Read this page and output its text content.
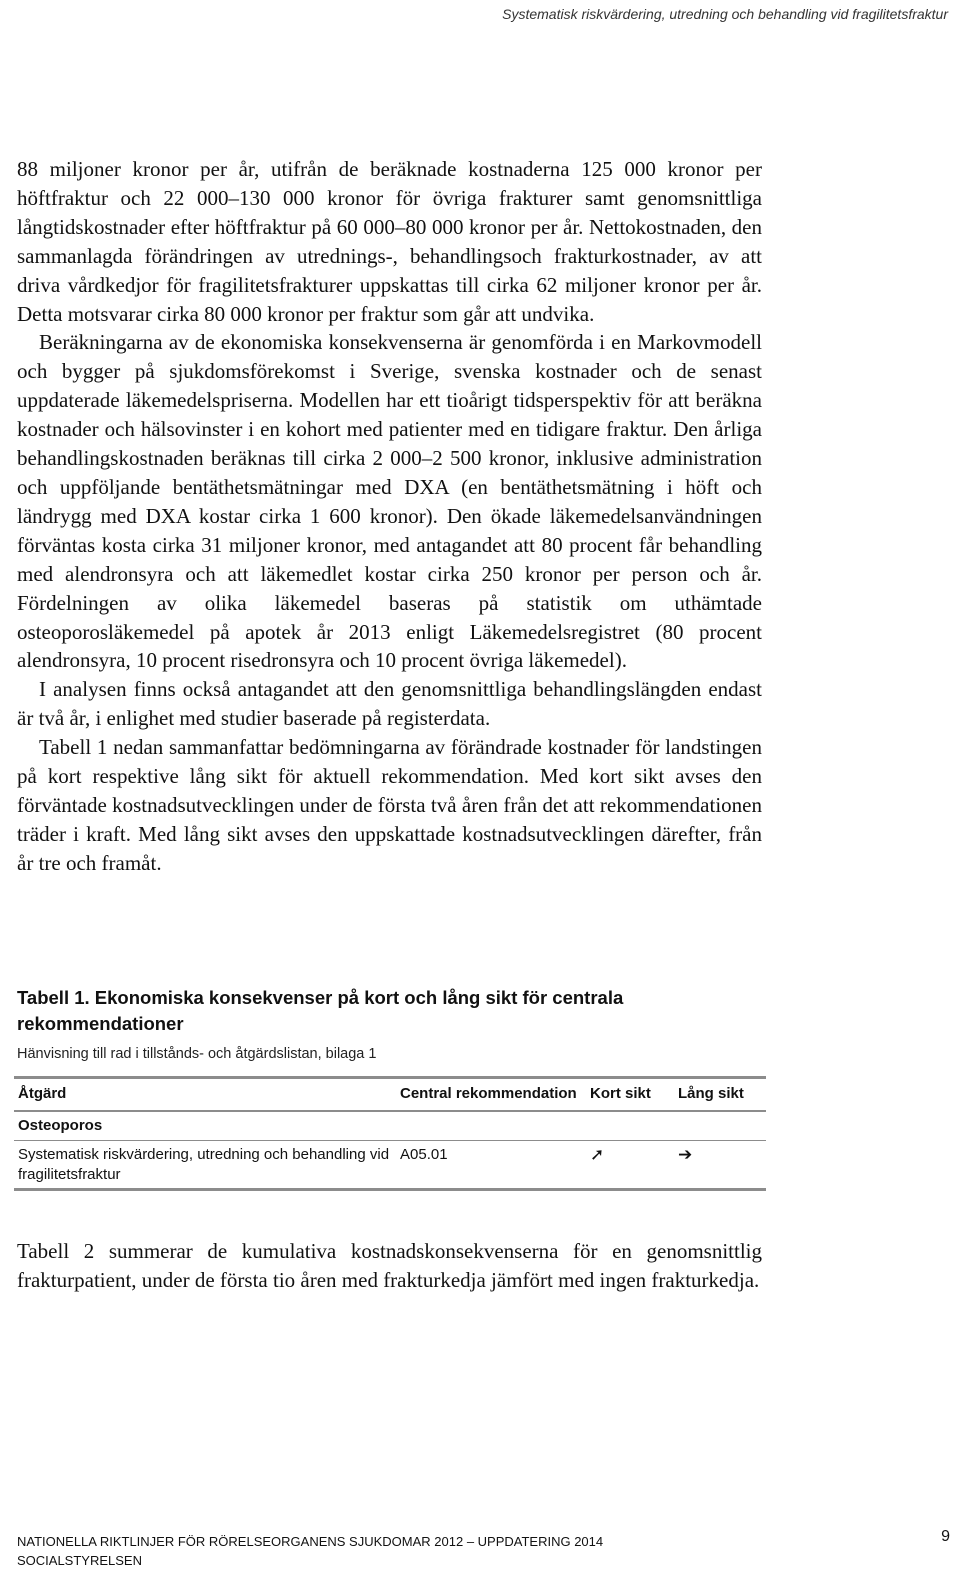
Systematisk riskvärdering, utredning och behandling vid fragilitetsfraktur

88 miljoner kronor per år, utifrån de beräknade kostnaderna 125 000 kronor per höftfraktur och 22 000–130 000 kronor för övriga frakturer samt genomsnittliga långtidskostnader efter höftfraktur på 60 000–80 000 kronor per år. Nettokostnaden, den sammanlagda förändringen av utrednings-, behandlingsoch frakturkostnader, av att driva vårdkedjor för fragilitetsfrakturer uppskattas till cirka 62 miljoner kronor per år. Detta motsvarar cirka 80 000 kronor per fraktur som går att undvika.

Beräkningarna av de ekonomiska konsekvenserna är genomförda i en Markovmodell och bygger på sjukdomsförekomst i Sverige, svenska kostnader och de senast uppdaterade läkemedelspriserna. Modellen har ett tioårigt tidsperspektiv för att beräkna kostnader och hälsovinster i en kohort med patienter med en tidigare fraktur. Den årliga behandlingskostnaden beräknas till cirka 2 000–2 500 kronor, inklusive administration och uppföljande bentäthetsmätningar med DXA (en bentäthetsmätning i höft och ländrygg med DXA kostar cirka 1 600 kronor). Den ökade läkemedelsanvändningen förväntas kosta cirka 31 miljoner kronor, med antagandet att 80 procent får behandling med alendronsyra och att läkemedlet kostar cirka 250 kronor per person och år. Fördelningen av olika läkemedel baseras på statistik om uthämtade osteoporosläkemedel på apotek år 2013 enligt Läkemedelsregistret (80 procent alendronsyra, 10 procent risedronsyra och 10 procent övriga läkemedel).

I analysen finns också antagandet att den genomsnittliga behandlingslängden endast är två år, i enlighet med studier baserade på registerdata.

Tabell 1 nedan sammanfattar bedömningarna av förändrade kostnader för landstingen på kort respektive lång sikt för aktuell rekommendation. Med kort sikt avses den förväntade kostnadsutvecklingen under de första två åren från det att rekommendationen träder i kraft. Med lång sikt avses den uppskattade kostnadsutvecklingen därefter, från år tre och framåt.

Tabell 1. Ekonomiska konsekvenser på kort och lång sikt för centrala rekommendationer

Hänvisning till rad i tillstånds- och åtgärdslistan, bilaga 1

Åtgärd	Central rekommendation	Kort sikt	Lång sikt
Osteoporos			
Systematisk riskvärdering, utredning och behandling vid fragilitetsfraktur	A05.01	➚	➔

Tabell 2 summerar de kumulativa kostnadskonsekvenserna för en genomsnittlig frakturpatient, under de första tio åren med frakturkedja jämfört med ingen frakturkedja.

NATIONELLA RIKTLINJER FÖR RÖRELSEORGANENS SJUKDOMAR 2012 – UPPDATERING 2014
SOCIALSTYRELSEN
9
